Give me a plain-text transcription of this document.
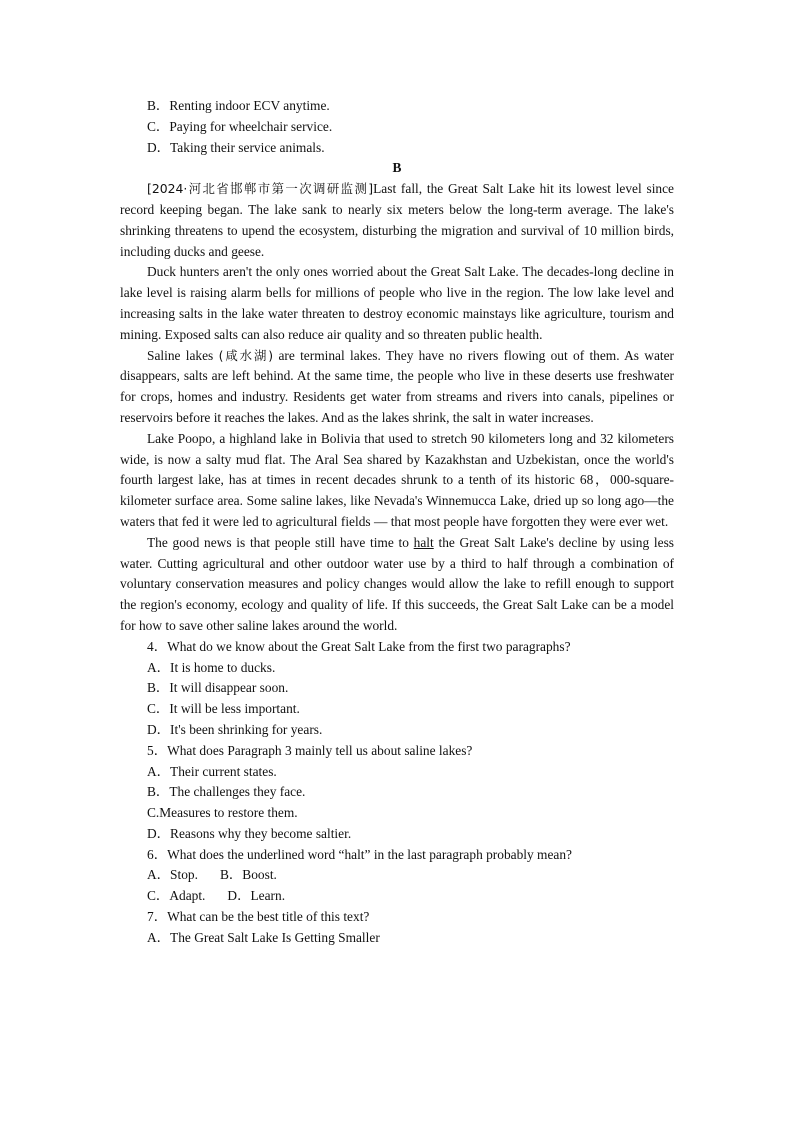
B．Renting indoor ECV anytime.
C．Paying for wheelchair service.
D．Taking their service animals.
B

[2024·河北省邯郸市第一次调研监测]Last fall, the Great Salt Lake hit its lowest level since record keeping began. The lake sank to nearly six meters below the long-term average. The lake's shrinking threatens to upend the ecosystem, disturbing the migration and survival of 10 million birds, including ducks and geese.

Duck hunters aren't the only ones worried about the Great Salt Lake. The decades-long decline in lake level is raising alarm bells for millions of people who live in the region. The low lake level and increasing salts in the lake water threaten to destroy economic mainstays like agriculture, tourism and mining. Exposed salts can also reduce air quality and so threaten public health.

Saline lakes (咸水湖) are terminal lakes. They have no rivers flowing out of them. As water disappears, salts are left behind. At the same time, the people who live in these deserts use freshwater for crops, homes and industry. Residents get water from streams and rivers into canals, pipelines or reservoirs before it reaches the lakes. And as the lakes shrink, the salt in water increases.

Lake Poopo, a highland lake in Bolivia that used to stretch 90 kilometers long and 32 kilometers wide, is now a salty mud flat. The Aral Sea shared by Kazakhstan and Uzbekistan, once the world's fourth largest lake, has at times in recent decades shrunk to a tenth of its historic 68，000-square-kilometer surface area. Some saline lakes, like Nevada's Winnemucca Lake, dried up so long ago—the waters that fed it were led to agricultural fields — that most people have forgotten they were ever wet.

The good news is that people still have time to halt the Great Salt Lake's decline by using less water. Cutting agricultural and other outdoor water use by a third to half through a combination of voluntary conservation measures and policy changes would allow the lake to refill enough to support the region's economy, ecology and quality of life. If this succeeds, the Great Salt Lake can be a model for how to save other saline lakes around the world.

4．What do we know about the Great Salt Lake from the first two paragraphs?
A．It is home to ducks.
B．It will disappear soon.
C．It will be less important.
D．It's been shrinking for years.
5．What does Paragraph 3 mainly tell us about saline lakes?
A．Their current states.
B．The challenges they face.
C.Measures to restore them.
D．Reasons why they become saltier.
6．What does the underlined word “halt” in the last paragraph probably mean?
A．Stop. B．Boost.
C．Adapt. D．Learn.
7．What can be the best title of this text?
A．The Great Salt Lake Is Getting Smaller
